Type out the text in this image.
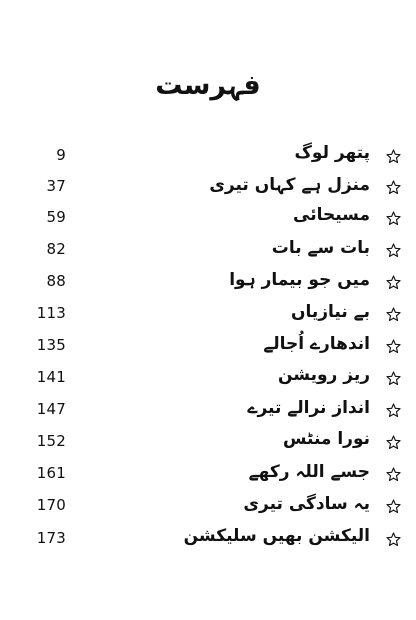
فہرست
9	پتھر لوگ
37	منزل ہے کہاں تیری
59	مسیحائی
82	بات سے بات
88	میں جو بیمار ہوا
113	بے نیازیاں
135	اندھارے اُجالے
141	ریز رویشن
147	انداز نرالے تیرے
152	نورا منٹس
161	جسے اللہ رکھے
170	یہ سادگی تیری
173	الیکشن بھیں سلیکشن
